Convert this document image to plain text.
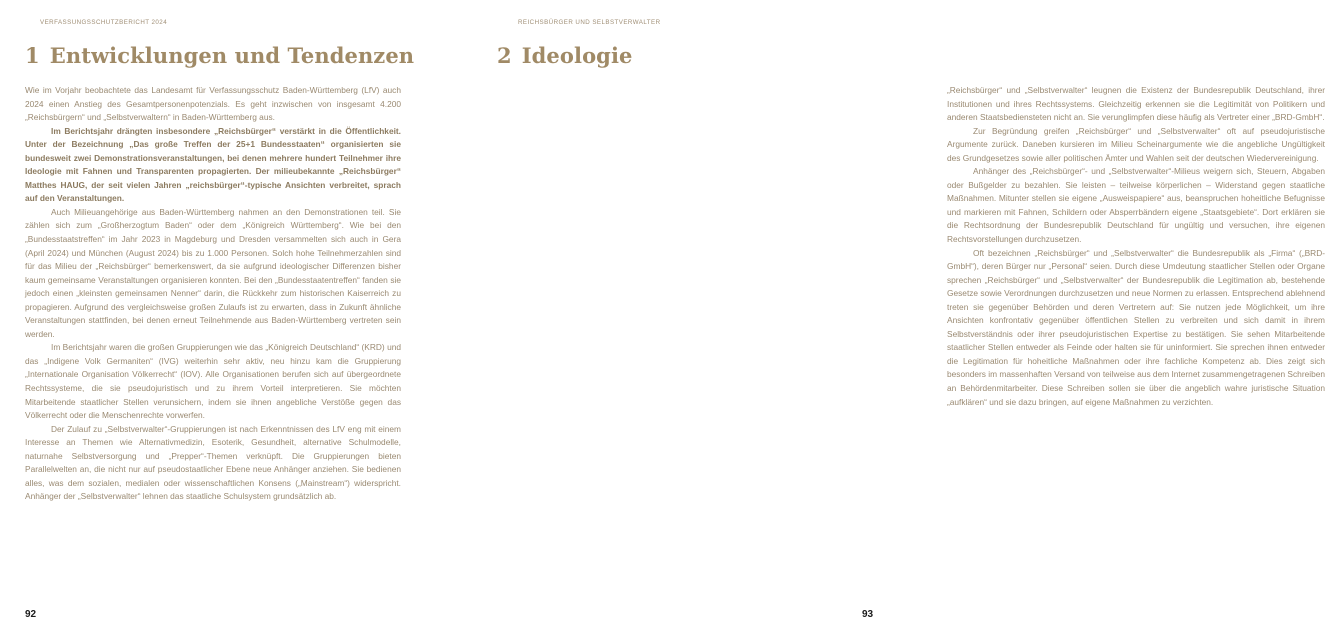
VERFASSUNGSSCHUTZBERICHT 2024
1 Entwicklungen und Tendenzen

Wie im Vorjahr beobachtete das Landesamt für Verfassungsschutz Baden-Württemberg (LfV) auch 2024 einen Anstieg des Gesamtpersonenpotenzials. Es geht inzwischen von insgesamt 4.200 „Reichsbürgern“ und „Selbstverwaltern“ in Baden-Württemberg aus.

Im Berichtsjahr drängten insbesondere „Reichsbürger“ verstärkt in die Öffentlichkeit. Unter der Bezeichnung „Das große Treffen der 25+1 Bundesstaaten“ organisierten sie bundesweit zwei Demonstrationsveranstaltungen, bei denen mehrere hundert Teilnehmer ihre Ideologie mit Fahnen und Transparenten propagierten. Der milieubekannte „Reichsbürger“ Matthes HAUG, der seit vielen Jahren „reichsbürger“-typische Ansichten verbreitet, sprach auf den Veranstaltungen.

Auch Milieuangehörige aus Baden-Württemberg nahmen an den Demonstrationen teil. Sie zählen sich zum „Großherzogtum Baden“ oder dem „Königreich Württemberg“. Wie bei den „Bundesstaatstreffen“ im Jahr 2023 in Magdeburg und Dresden versammelten sich auch in Gera (April 2024) und München (August 2024) bis zu 1.000 Personen. Solch hohe Teilnehmerzahlen sind für das Milieu der „Reichsbürger“ bemerkenswert, da sie aufgrund ideologischer Differenzen bisher kaum gemeinsame Veranstaltungen organisieren konnten. Bei den „Bundesstaatentreffen“ fanden sie jedoch einen „kleinsten gemeinsamen Nenner“ darin, die Rückkehr zum historischen Kaiserreich zu propagieren. Aufgrund des vergleichsweise großen Zulaufs ist zu erwarten, dass in Zukunft ähnliche Veranstaltungen stattfinden, bei denen erneut Teilnehmende aus Baden-Württemberg vertreten sein werden.

Im Berichtsjahr waren die großen Gruppierungen wie das „Königreich Deutschland“ (KRD) und das „Indigene Volk Germaniten“ (IVG) weiterhin sehr aktiv, neu hinzu kam die Gruppierung „Internationale Organisation Völkerrecht“ (IOV). Alle Organisationen berufen sich auf übergeordnete Rechtssysteme, die sie pseudojuristisch und zu ihrem Vorteil interpretieren. Sie möchten Mitarbeitende staatlicher Stellen verunsichern, indem sie ihnen angebliche Verstöße gegen das Völkerrecht oder die Menschenrechte vorwerfen.

Der Zulauf zu „Selbstverwalter“-Gruppierungen ist nach Erkenntnissen des LfV eng mit einem Interesse an Themen wie Alternativmedizin, Esoterik, Gesundheit, alternative Schulmodelle, naturnahe Selbstversorgung und „Prepper“-Themen verknüpft. Die Gruppierungen bieten Parallelwelten an, die nicht nur auf pseudostaatlicher Ebene neue Anhänger anziehen. Sie bedienen alles, was dem sozialen, medialen oder wissenschaftlichen Konsens („Mainstream“) widerspricht. Anhänger der „Selbstverwalter“ lehnen das staatliche Schulsystem grundsätzlich ab.

92
REICHSBÜRGER UND SELBSTVERWALTER

„Reichsbürger“ und „Selbstverwalter“ leugnen die Existenz der Bundesrepublik Deutschland, ihrer Institutionen und ihres Rechtssystems. Gleichzeitig erkennen sie die Legitimität von Politikern und anderen Staatsbediensteten nicht an. Sie verunglimpfen diese häufig als Vertreter einer „BRD-GmbH“.

Zur Begründung greifen „Reichsbürger“ und „Selbstverwalter“ oft auf pseudojuristische Argumente zurück. Daneben kursieren im Milieu Scheinargumente wie die angebliche Ungültigkeit des Grundgesetzes sowie aller politischen Ämter und Wahlen seit der deutschen Wiedervereinigung.

Anhänger des „Reichsbürger“- und „Selbstverwalter“-Milieus weigern sich, Steuern, Abgaben oder Bußgelder zu bezahlen. Sie leisten – teilweise körperlichen – Widerstand gegen staatliche Maßnahmen. Mitunter stellen sie eigene „Ausweispapiere“ aus, beanspruchen hoheitliche Befugnisse und markieren mit Fahnen, Schildern oder Absperrbändern eigene „Staatsgebiete“. Dort erklären sie die Rechtsordnung der Bundesrepublik Deutschland für ungültig und versuchen, ihre eigenen Rechtsvorstellungen durchzusetzen.

Oft bezeichnen „Reichsbürger“ und „Selbstverwalter“ die Bundesrepublik als „Firma“ („BRD-GmbH“), deren Bürger nur „Personal“ seien. Durch diese Umdeutung staatlicher Stellen oder Organe sprechen „Reichsbürger“ und „Selbstverwalter“ der Bundesrepublik die Legitimation ab, bestehende Gesetze sowie Verordnungen durchzusetzen und neue Normen zu erlassen. Entsprechend ablehnend treten sie gegenüber Behörden und deren Vertretern auf: Sie nutzen jede Möglichkeit, um ihre Ansichten konfrontativ gegenüber öffentlichen Stellen zu verbreiten und sich damit in ihrem Selbstverständnis oder ihrer pseudojuristischen Expertise zu bestätigen. Sie sehen Mitarbeitende staatlicher Stellen entweder als Feinde oder halten sie für uninformiert. Sie sprechen ihnen entweder die Legitimation für hoheitliche Maßnahmen oder ihre fachliche Kompetenz ab. Dies zeigt sich besonders im massenhaften Versand von teilweise aus dem Internet zusammengetragenen Schreiben an Behördenmitarbeiter. Diese Schreiben sollen sie über die angeblich wahre juristische Situation „aufklären“ und sie dazu bringen, auf eigene Maßnahmen zu verzichten.

2 Ideologie
93
